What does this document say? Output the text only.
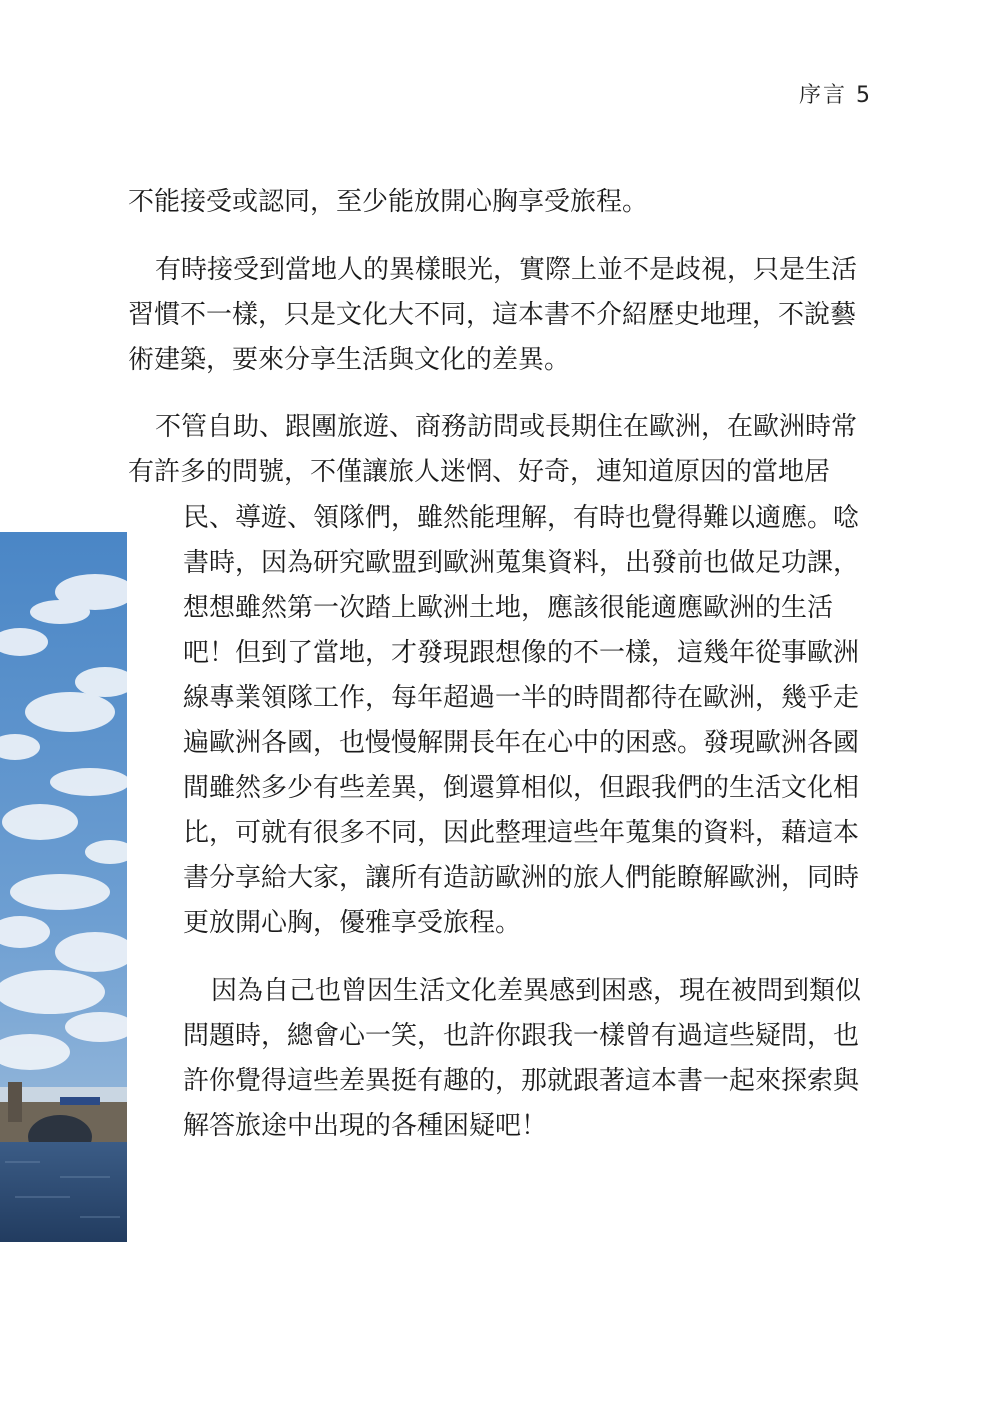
序言 5
不能接受或認同，至少能放開心胸享受旅程。
有時接受到當地人的異樣眼光，實際上並不是歧視，只是生活
習慣不一樣，只是文化大不同，這本書不介紹歷史地理，不說藝
術建築，要來分享生活與文化的差異。
不管自助、跟團旅遊、商務訪問或長期住在歐洲，在歐洲時常
有許多的問號，不僅讓旅人迷惘、好奇，連知道原因的當地居
民、導遊、領隊們，雖然能理解，有時也覺得難以適應。唸
書時，因為研究歐盟到歐洲蒐集資料，出發前也做足功課，
想想雖然第一次踏上歐洲土地，應該很能適應歐洲的生活
吧！但到了當地，才發現跟想像的不一樣，這幾年從事歐洲
線專業領隊工作，每年超過一半的時間都待在歐洲，幾乎走
遍歐洲各國，也慢慢解開長年在心中的困惑。發現歐洲各國
間雖然多少有些差異，倒還算相似，但跟我們的生活文化相
比，可就有很多不同，因此整理這些年蒐集的資料，藉這本
書分享給大家，讓所有造訪歐洲的旅人們能瞭解歐洲，同時
更放開心胸，優雅享受旅程。
因為自己也曾因生活文化差異感到困惑，現在被問到類似
問題時，總會心一笑，也許你跟我一樣曾有過這些疑問，也
許你覺得這些差異挺有趣的，那就跟著這本書一起來探索與
解答旅途中出現的各種困疑吧！
